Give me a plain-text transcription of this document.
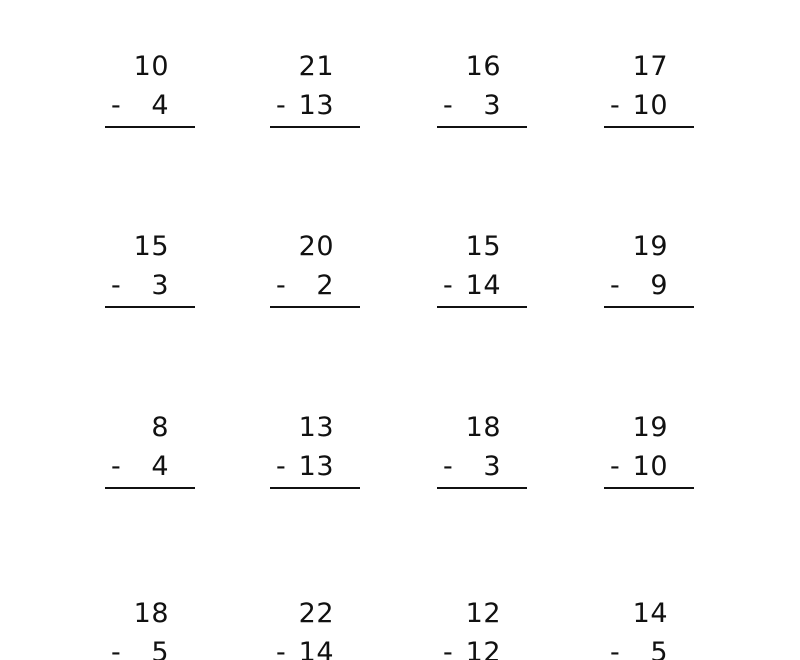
10
- 4
21
- 13
16
- 3
17
- 10
15
- 3
20
- 2
15
- 14
19
- 9
8
- 4
13
- 13
18
- 3
19
- 10
18
- 5
22
- 14
12
- 12
14
- 5
